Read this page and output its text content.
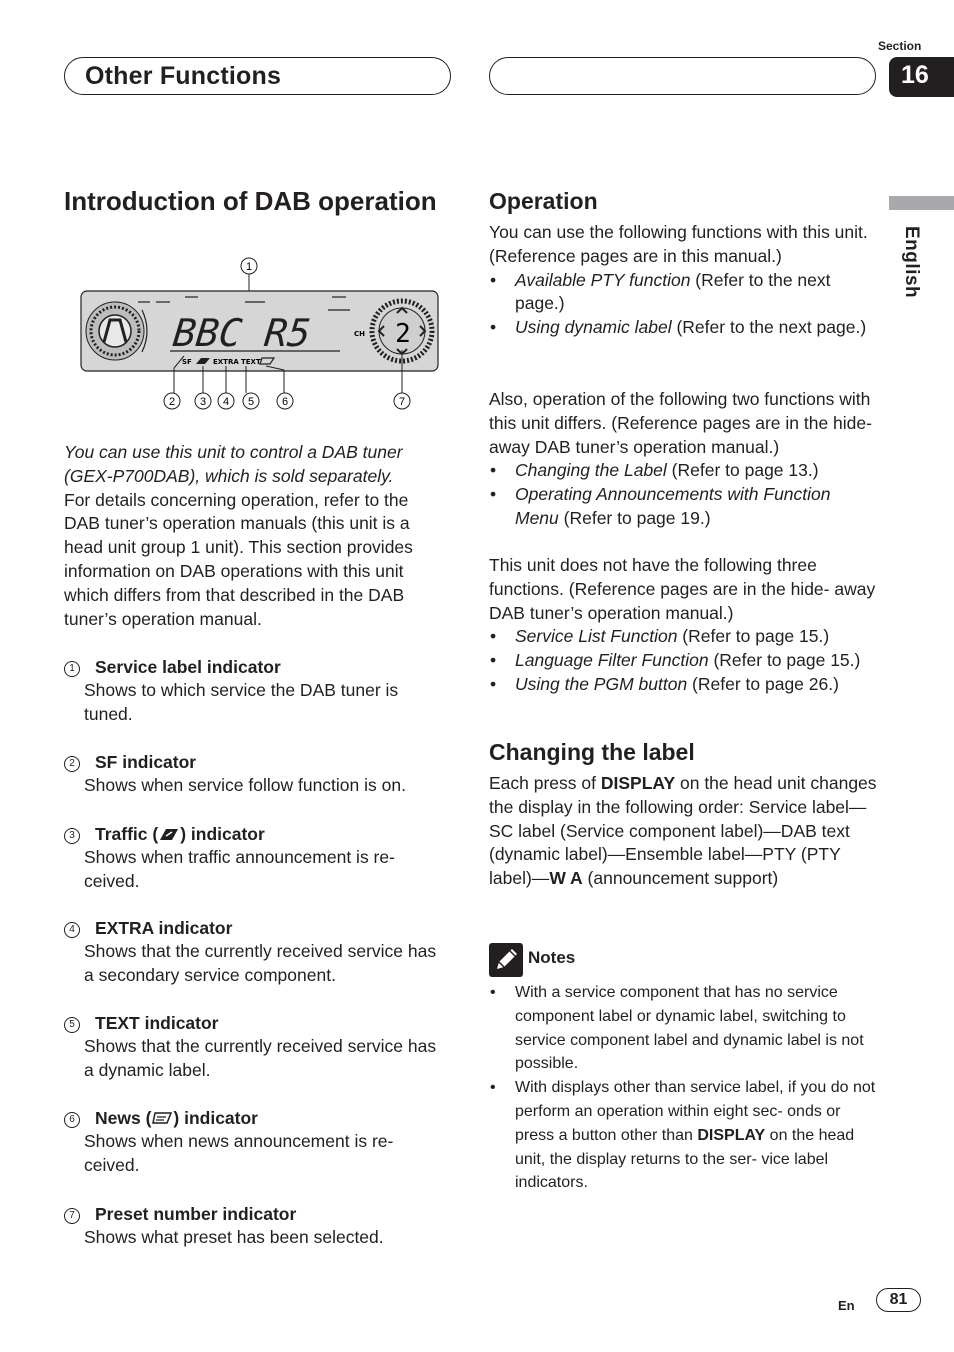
Other Functions
Section
16
English
Introduction of DAB operation
1
BBC R5	CH 2
SF	EXTRA TEXT
2 3 4 5	6	7

You can use this unit to control a DAB tuner (GEX-P700DAB), which is sold separately.

For details concerning operation, refer to the DAB tuner’s operation manuals (this unit is a head unit group 1 unit). This section provides information on DAB operations with this unit which differs from that described in the DAB tuner’s operation manual.

1 Service label indicator
Shows to which service the DAB tuner is tuned.
2 SF indicator
Shows when service follow function is on.
3 Traffic ( ) indicator
Shows when traffic announcement is re- ceived.
4 EXTRA indicator
Shows that the currently received service has a secondary service component.
5 TEXT indicator
Shows that the currently received service has a dynamic label.
6 News ( ) indicator
Shows when news announcement is re- ceived.
7 Preset number indicator
Shows what preset has been selected.
Operation

You can use the following functions with this unit. (Reference pages are in this manual.)

• Available PTY function (Refer to the next page.)
• Using dynamic label (Refer to the next page.)

Also, operation of the following two functions with this unit differs. (Reference pages are in the hide-away DAB tuner’s operation manual.)

• Changing the Label (Refer to page 13.)
• Operating Announcements with Function Menu (Refer to page 19.)

This unit does not have the following three functions. (Reference pages are in the hide- away DAB tuner’s operation manual.)

• Service List Function (Refer to page 15.)
• Language Filter Function (Refer to page 15.)
• Using the PGM button (Refer to page 26.)
Changing the label

Each press of DISPLAY on the head unit changes the display in the following order: Service label—SC label (Service component label)—DAB text (dynamic label)—Ensemble label—PTY (PTY label)—W A (announcement support)

Notes
• With a service component that has no service component label or dynamic label, switching to service component label and dynamic label is not possible.
• With displays other than service label, if you do not perform an operation within eight sec- onds or press a button other than DISPLAY on the head unit, the display returns to the ser- vice label indicators.
En	81
